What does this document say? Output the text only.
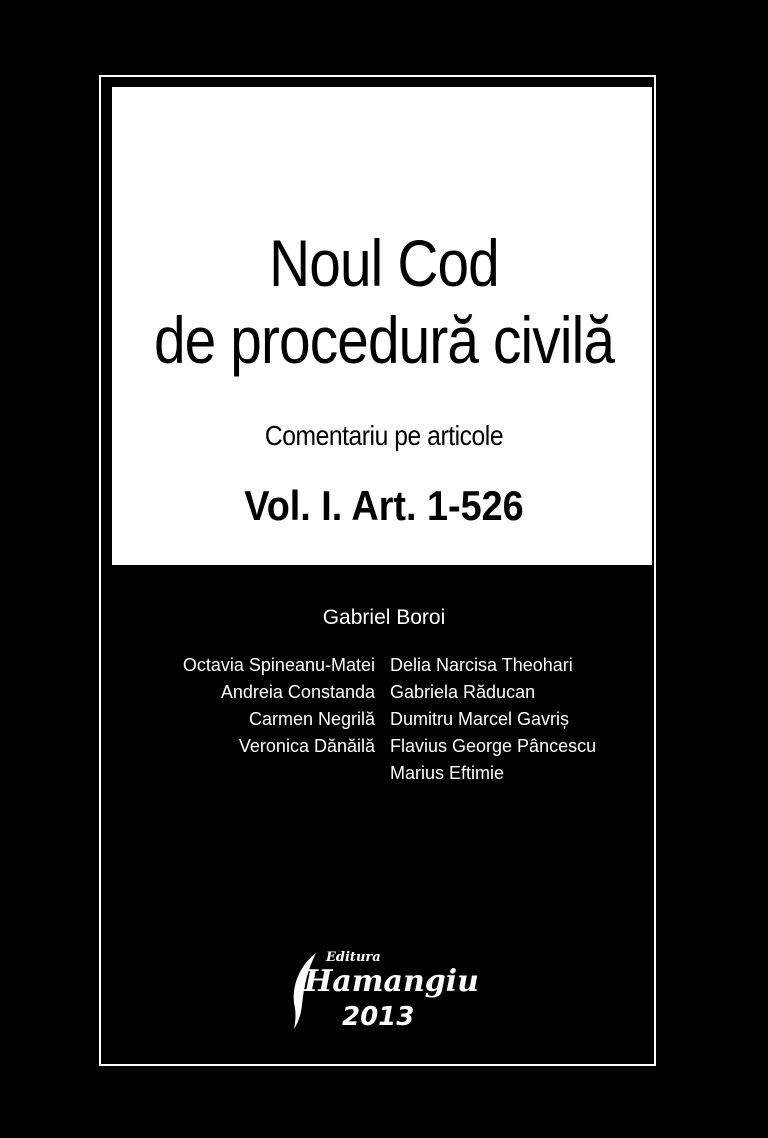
Noul Cod
de procedură civilă
Comentariu pe articole
Vol. I. Art. 1-526
Gabriel Boroi
Octavia Spineanu-Matei
Andreia Constanda
Carmen Negrilă
Veronica Dănăilă
Delia Narcisa Theohari
Gabriela Răducan
Dumitru Marcel Gavriș
Flavius George Pâncescu
Marius Eftimie
Editura
Hamangiu
2013
